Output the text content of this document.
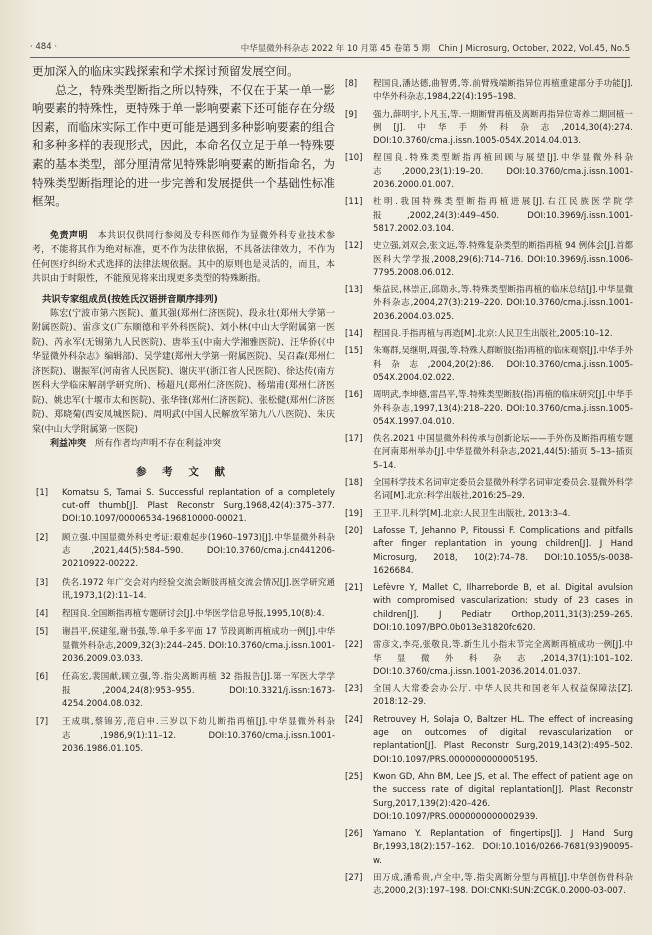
· 484 ·	中华显微外科杂志 2022 年 10 月第 45 卷第 5 期　Chin J Microsurg, October, 2022, Vol.45, No.5

更加深入的临床实践探索和学术探讨预留发展空间。

总之，特殊类型断指之所以特殊，不仅在于某一单一影响要素的特殊性，更特殊于单一影响要素下还可能存在分级因素，而临床实际工作中更可能是遇到多种影响要素的组合和多种多样的表现形式，因此，本命名仅立足于单一特殊要素的基本类型，部分厘清常见特殊影响要素的断指命名，为特殊类型断指理论的进一步完善和发展提供一个基础性标准框架。

免责声明　 本共识仅供同行参阅及专科医师作为显微外科专业技术参考，不能将其作为绝对标准，更不作为法律依据，不具备法律效力，不作为任何医疗纠纷术式选择的法律法规依据。其中的原则也是灵活的，而且，本共识由于时限性，不能预见将来出现更多类型的特殊断指。

共识专家组成员(按姓氏汉语拼音顺序排列)

陈宏(宁波市第六医院)、董其强(郑州仁济医院)、段永壮(郑州大学第一附属医院)、雷彦文(广东顺德和平外科医院)、刘小林(中山大学附属第一医院)、芮永军(无锡第九人民医院)、唐举玉(中南大学湘雅医院)、汪华侨(《中华显微外科杂志》编辑部)、吴学建(郑州大学第一附属医院)、吴召森(郑州仁济医院)、谢振军(河南省人民医院)、谢庆平(浙江省人民医院)、徐达传(南方医科大学临床解剖学研究所)、杨超凡(郑州仁济医院)、杨瑞甫(郑州仁济医院)、姚忠军(十堰市太和医院)、张华锋(郑州仁济医院)、张松健(郑州仁济医院)、郑晓菊(西安凤城医院)、周明武(中国人民解放军第九八八医院)、朱庆棠(中山大学附属第一医院)

利益冲突　 所有作者均声明不存在利益冲突

参 考 文 献

[1] Komatsu S, Tamai S. Successful replantation of a completely cut-off thumb[J]. Plast Reconstr Surg,1968,42(4):375–377. DOI:10.1097/00006534-196810000-00021.
[2] 顾立强.中国显微外科史考证:艰难起步(1960–1973)[J].中华显微外科杂志,2021,44(5):584–590. DOI:10.3760/cma.j.cn441206-20210922-00222.
[3] 佚名.1972 年广交会对内经验交流会断肢再植交流会情况[J].医学研究通讯,1973,1(2):11–14.
[4] 程国良.全国断指再植专题研讨会[J].中华医学信息导报,1995,10(8):4.
[5] 谢昌平,侯建玺,谢书强,等.单手多平面 17 节段离断再植成功一例[J].中华显微外科杂志,2009,32(3):244–245. DOI:10.3760/cma.j.issn.1001-2036.2009.03.033.
[6] 任高宏,裴国献,顾立强,等.指尖离断再植 32 指报告[J].第一军医大学学报,2004,24(8):953–955. DOI:10.3321/j.issn:1673-4254.2004.08.032.
[7] 王成琪,蔡锦芳,范启申.三岁以下幼儿断指再植[J].中华显微外科杂志,1986,9(1):11–12. DOI:10.3760/cma.j.issn.1001-2036.1986.01.105.
[8] 程国良,潘达德,曲智勇,等.前臂残端断指异位再植重建部分手功能[J].中华外科杂志,1984,22(4):195–198.
[9] 强力,薛明宇,卜凡玉,等.一期断臂再植及离断再指异位寄养二期回植一例[J].中华手外科杂志,2014,30(4):274. DOI:10.3760/cma.j.issn.1005-054X.2014.04.013.
[10] 程国良.特殊类型断指再植回顾与展望[J].中华显微外科杂志,2000,23(1):19–20. DOI:10.3760/cma.j.issn.1001-2036.2000.01.007.
[11] 杜明.我国特殊类型断指再植进展[J].右江民族医学院学报,2002,24(3):449–450. DOI:10.3969/j.issn.1001-5817.2002.03.104.
[12] 史立强,刘双会,张文远,等.特殊复杂类型的断指再植 94 例体会[J].首都医科大学学报,2008,29(6):714–716. DOI:10.3969/j.issn.1006-7795.2008.06.012.
[13] 柴益民,林崇正,邱勋永,等.特殊类型断指再植的临床总结[J].中华显微外科杂志,2004,27(3):219–220. DOI:10.3760/cma.j.issn.1001-2036.2004.03.025.
[14] 程国良.手指再植与再造[M].北京:人民卫生出版社,2005:10–12.
[15] 朱骞群,吴继明,周强,等.特殊人群断肢(指)再植的临床观察[J].中华手外科杂志,2004,20(2):86. DOI:10.3760/cma.j.issn.1005-054X.2004.02.022.
[16] 周明武,李坤德,雷昌平,等.特殊类型断肢(指)再植的临床研究[J].中华手外科杂志,1997,13(4):218–220. DOI:10.3760/cma.j.issn.1005-054X.1997.04.010.
[17] 佚名.2021 中国显微外科传承与创新论坛——手外伤及断指再植专题在河南郑州举办[J].中华显微外科杂志,2021,44(5):插页 5–13–插页 5–14.
[18] 全国科学技术名词审定委员会显微外科学名词审定委员会.显微外科学名词[M].北京:科学出版社,2016:25–29.
[19] 王卫平.儿科学[M].北京:人民卫生出版社, 2013:3–4.
[20] Lafosse T, Jehanno P, Fitoussi F. Complications and pitfalls after finger replantation in young children[J]. J Hand Microsurg, 2018, 10(2):74–78. DOI:10.1055/s-0038-1626684.
[21] Lefèvre Y, Mallet C, Ilharreborde B, et al. Digital avulsion with compromised vascularization: study of 23 cases in children[J]. J Pediatr Orthop,2011,31(3):259–265. DOI:10.1097/BPO.0b013e31820fc620.
[22] 雷彦文,李亮,张敬良,等.新生儿小指末节完全离断再植成功一例[J].中华显微外科杂志,2014,37(1):101–102. DOI:10.3760/cma.j.issn.1001-2036.2014.01.037.
[23] 全国人大常委会办公厅. 中华人民共和国老年人权益保障法[Z]. 2018:12–29.
[24] Retrouvey H, Solaja O, Baltzer HL. The effect of increasing age on outcomes of digital revascularization or replantation[J]. Plast Reconstr Surg,2019,143(2):495–502. DOI:10.1097/PRS.0000000000005195.
[25] Kwon GD, Ahn BM, Lee JS, et al. The effect of patient age on the success rate of digital replantation[J]. Plast Reconstr Surg,2017,139(2):420–426. DOI:10.1097/PRS.0000000000002939.
[26] Yamano Y. Replantation of fingertips[J]. J Hand Surg Br,1993,18(2):157–162. DOI:10.1016/0266-7681(93)90095-w.
[27] 田万成,潘希贵,卢全中,等.指尖离断分型与再植[J].中华创伤骨科杂志,2000,2(3):197–198. DOI:CNKI:SUN:ZCGK.0.2000-03-007.
